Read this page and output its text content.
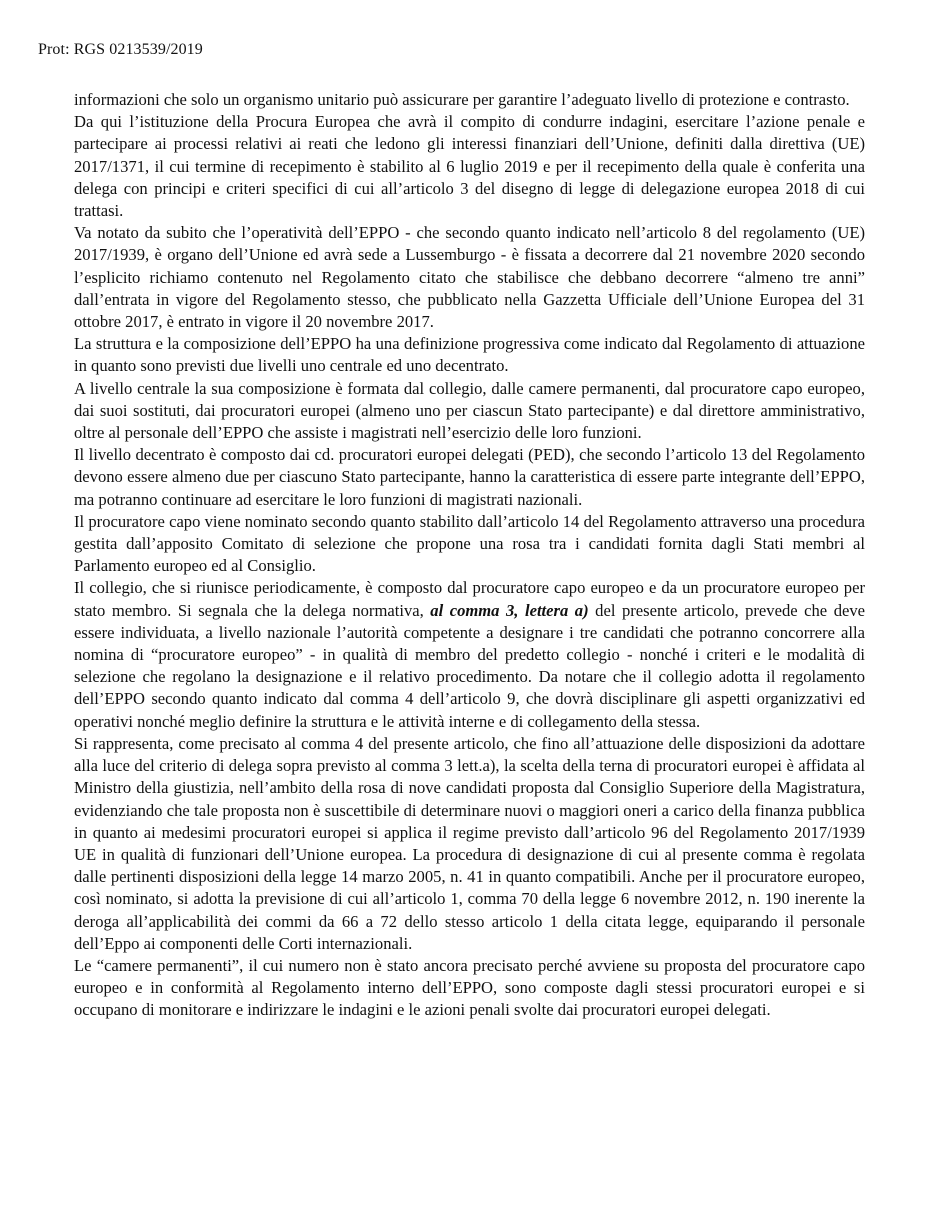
Prot: RGS 0213539/2019

informazioni che solo un organismo unitario può assicurare per garantire l’adeguato livello di protezione e contrasto.

Da qui l’istituzione della Procura Europea che avrà il compito di condurre indagini, esercitare l’azione penale e partecipare ai processi relativi ai reati che ledono gli interessi finanziari dell’Unione, definiti dalla direttiva (UE) 2017/1371, il cui termine di recepimento è stabilito al 6 luglio 2019 e per il recepimento della quale è conferita una delega con principi e criteri specifici di cui all’articolo 3 del disegno di legge di delegazione europea 2018 di cui trattasi.

Va notato da subito che l’operatività dell’EPPO - che secondo quanto indicato nell’articolo 8 del regolamento (UE) 2017/1939, è organo dell’Unione ed avrà sede a Lussemburgo - è fissata a decorrere dal 21 novembre 2020 secondo l’esplicito richiamo contenuto nel Regolamento citato che stabilisce che debbano decorrere “almeno tre anni” dall’entrata in vigore del Regolamento stesso, che pubblicato nella Gazzetta Ufficiale dell’Unione Europea del 31 ottobre 2017, è entrato in vigore il 20 novembre 2017.

La struttura e la composizione dell’EPPO ha una definizione progressiva come indicato dal Regolamento di attuazione in quanto sono previsti due livelli uno centrale ed uno decentrato.

A livello centrale la sua composizione è formata dal collegio, dalle camere permanenti, dal procuratore capo europeo, dai suoi sostituti, dai procuratori europei (almeno uno per ciascun Stato partecipante) e dal direttore amministrativo, oltre al personale dell’EPPO che assiste i magistrati nell’esercizio delle loro funzioni.

Il livello decentrato è composto dai cd. procuratori europei delegati (PED), che secondo l’articolo 13 del Regolamento devono essere almeno due per ciascuno Stato partecipante, hanno la caratteristica di essere parte integrante dell’EPPO, ma potranno continuare ad esercitare le loro funzioni di magistrati nazionali.

Il procuratore capo viene nominato secondo quanto stabilito dall’articolo 14 del Regolamento attraverso una procedura gestita dall’apposito Comitato di selezione che propone una rosa tra i candidati fornita dagli Stati membri al Parlamento europeo ed al Consiglio.

Il collegio, che si riunisce periodicamente, è composto dal procuratore capo europeo e da un procuratore europeo per stato membro. Si segnala che la delega normativa, al comma 3, lettera a) del presente articolo, prevede che deve essere individuata, a livello nazionale l’autorità competente a designare i tre candidati che potranno concorrere alla nomina di “procuratore europeo” - in qualità di membro del predetto collegio - nonché i criteri e le modalità di selezione che regolano la designazione e il relativo procedimento. Da notare che il collegio adotta il regolamento dell’EPPO secondo quanto indicato dal comma 4 dell’articolo 9, che dovrà disciplinare gli aspetti organizzativi ed operativi nonché meglio definire la struttura e le attività interne e di collegamento della stessa.

Si rappresenta, come precisato al comma 4 del presente articolo, che fino all’attuazione delle disposizioni da adottare alla luce del criterio di delega sopra previsto al comma 3 lett.a), la scelta della terna di procuratori europei è affidata al Ministro della giustizia, nell’ambito della rosa di nove candidati proposta dal Consiglio Superiore della Magistratura, evidenziando che tale proposta non è suscettibile di determinare nuovi o maggiori oneri a carico della finanza pubblica in quanto ai medesimi procuratori europei si applica il regime previsto dall’articolo 96 del Regolamento 2017/1939 UE in qualità di funzionari dell’Unione europea. La procedura di designazione di cui al presente comma è regolata dalle pertinenti disposizioni della legge 14 marzo 2005, n. 41 in quanto compatibili. Anche per il procuratore europeo, così nominato, si adotta la previsione di cui all’articolo 1, comma 70 della legge 6 novembre 2012, n. 190 inerente la deroga all’applicabilità dei commi da 66 a 72 dello stesso articolo 1 della citata legge, equiparando il personale dell’Eppo ai componenti delle Corti internazionali.

Le “camere permanenti”, il cui numero non è stato ancora precisato perché avviene su proposta del procuratore capo europeo e in conformità al Regolamento interno dell’EPPO, sono composte dagli stessi procuratori europei e si occupano di monitorare e indirizzare le indagini e le azioni penali svolte dai procuratori europei delegati.
